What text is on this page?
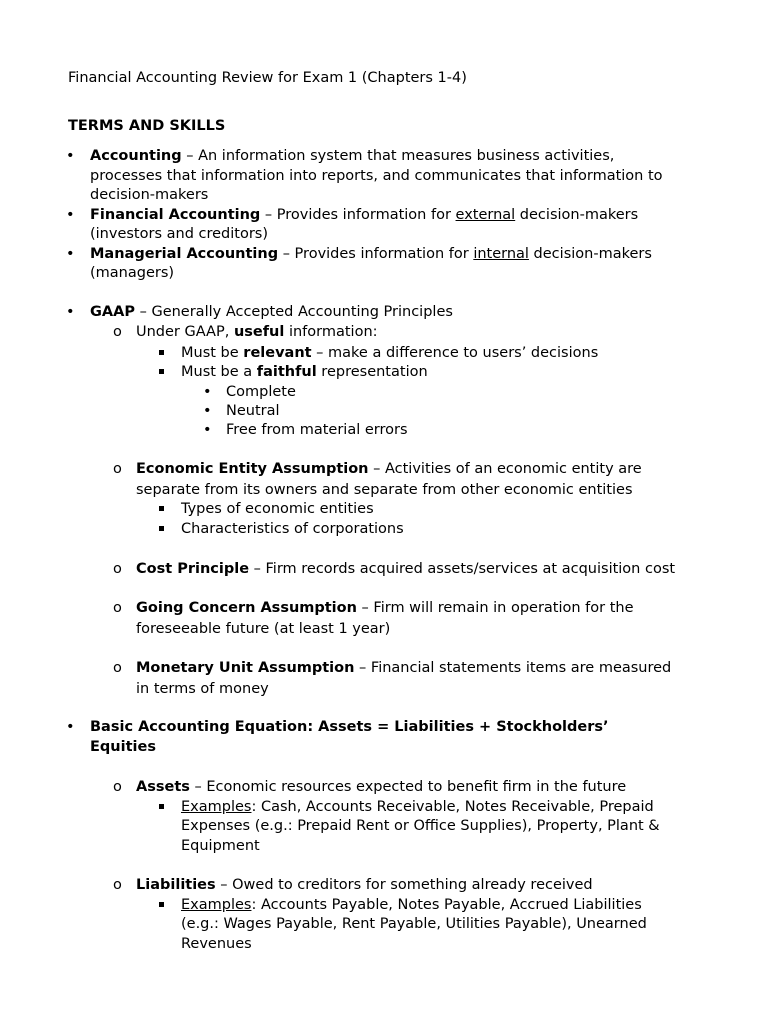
Financial Accounting Review for Exam 1 (Chapters 1-4)
TERMS AND SKILLS
• Accounting – An information system that measures business activities,
processes that information into reports, and communicates that information to
decision-makers
• Financial Accounting – Provides information for external decision-makers
(investors and creditors)
• Managerial Accounting – Provides information for internal decision-makers
(managers)
• GAAP – Generally Accepted Accounting Principles
o Under GAAP, useful information:
Must be relevant – make a difference to users’ decisions
Must be a faithful representation
• Complete
• Neutral
• Free from material errors
o Economic Entity Assumption – Activities of an economic entity are
separate from its owners and separate from other economic entities
Types of economic entities
Characteristics of corporations
o Cost Principle – Firm records acquired assets/services at acquisition cost
o Going Concern Assumption – Firm will remain in operation for the
foreseeable future (at least 1 year)
o Monetary Unit Assumption – Financial statements items are measured
in terms of money
• Basic Accounting Equation: Assets = Liabilities + Stockholders’
Equities
o Assets – Economic resources expected to benefit firm in the future
Examples: Cash, Accounts Receivable, Notes Receivable, Prepaid
Expenses (e.g.: Prepaid Rent or Office Supplies), Property, Plant &
Equipment
o Liabilities – Owed to creditors for something already received
Examples: Accounts Payable, Notes Payable, Accrued Liabilities
(e.g.: Wages Payable, Rent Payable, Utilities Payable), Unearned
Revenues
